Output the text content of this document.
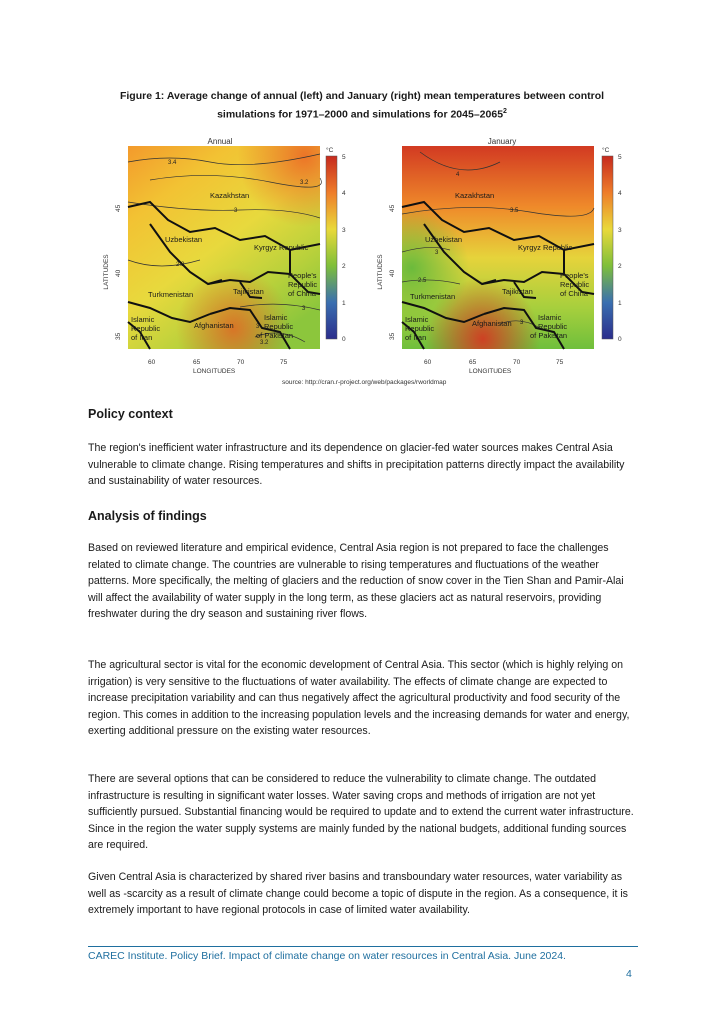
Figure 1: Average change of annual (left) and January (right) mean temperatures between control simulations for 1971–2000 and simulations for 2045–2065$^2$
Annual
3.4
3.2
3
2.8
3
3
3.2
Kazakhstan
Uzbekistan
Kyrgyz Republic
Turkmenistan	Tajikistan
People's
Republic
of China
Afghanistan
Islamic
Republic
of Iran
Islamic
Republic
of Pakistan
LATITUDES
45
40
35
60	65	70	75
LONGITUDES
°C
5
4
3
2
1
0
January
4
3.5
3
2.5
3
Kazakhstan
Uzbekistan
Kyrgyz Republic
Turkmenistan
Tajikistan
People's
Republic
of China
Afghanistan
Islamic
Republic
of Iran
Islamic
Republic
of Pakistan
LATITUDES
45
40
35
60	65	70	75
LONGITUDES
°C
5
4
3
2
1
0
source: http://cran.r-project.org/web/packages/rworldmap
Policy context

The region's inefficient water infrastructure and its dependence on glacier-fed water sources makes Central Asia vulnerable to climate change. Rising temperatures and shifts in precipitation patterns directly impact the availability and sustainability of water resources.

Analysis of findings

Based on reviewed literature and empirical evidence, Central Asia region is not prepared to face the challenges related to climate change. The countries are vulnerable to rising temperatures and fluctuations of the weather patterns. More specifically, the melting of glaciers and the reduction of snow cover in the Tien Shan and Pamir-Alai will affect the availability of water supply in the long term, as these glaciers act as natural reservoirs, providing freshwater during the dry season and sustaining river flows.

The agricultural sector is vital for the economic development of Central Asia. This sector (which is highly relying on irrigation) is very sensitive to the fluctuations of water availability. The effects of climate change are expected to increase precipitation variability and can thus negatively affect the agricultural productivity and food security of the region. This comes in addition to the increasing population levels and the increasing demands for water and energy, exerting additional pressure on the existing water resources.

There are several options that can be considered to reduce the vulnerability to climate change. The outdated infrastructure is resulting in significant water losses. Water saving crops and methods of irrigation are not yet sufficiently pursued. Substantial financing would be required to update and to extend the current water infrastructure. Since in the region the water supply systems are mainly funded by the national budgets, additional funding sources are required.

Given Central Asia is characterized by shared river basins and transboundary water resources, water variability as well as -scarcity as a result of climate change could become a topic of dispute in the region. As a consequence, it is extremely important to have regional protocols in case of limited water availability.

CAREC Institute. Policy Brief. Impact of climate change on water resources in Central Asia. June 2024.
4
